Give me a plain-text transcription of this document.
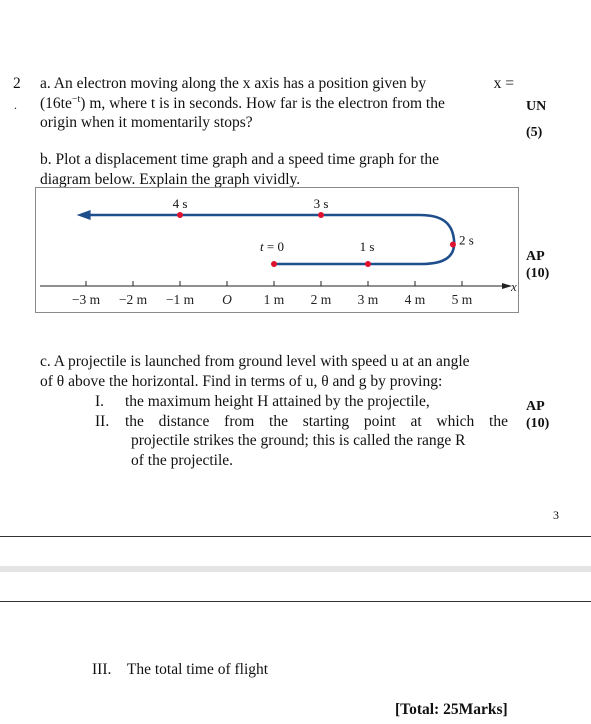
2
.
a. An electron moving along the x axis has a position given by	x =
$(16te^{-t})$ m, where t is in seconds. How far is the electron from the
origin when it momentarily stops?
UN
(5)
b. Plot a displacement time graph and a speed time graph for the
diagram below. Explain the graph vividly.
x
−3 m −2 m −1 m O 1 m 2 m 3 m 4 m 5 m
t = 0	1 s	2 s
3 s
4 s
AP
(10)
c. A projectile is launched from ground level with speed u at an angle
of θ above the horizontal. Find in terms of u, θ and g by proving:
I.	the maximum height H attained by the projectile,
II.	the distance from the starting point at which the
projectile strikes the ground; this is called the range R
of the projectile.
AP
(10)
3
III. The total time of flight
[Total: 25Marks]
